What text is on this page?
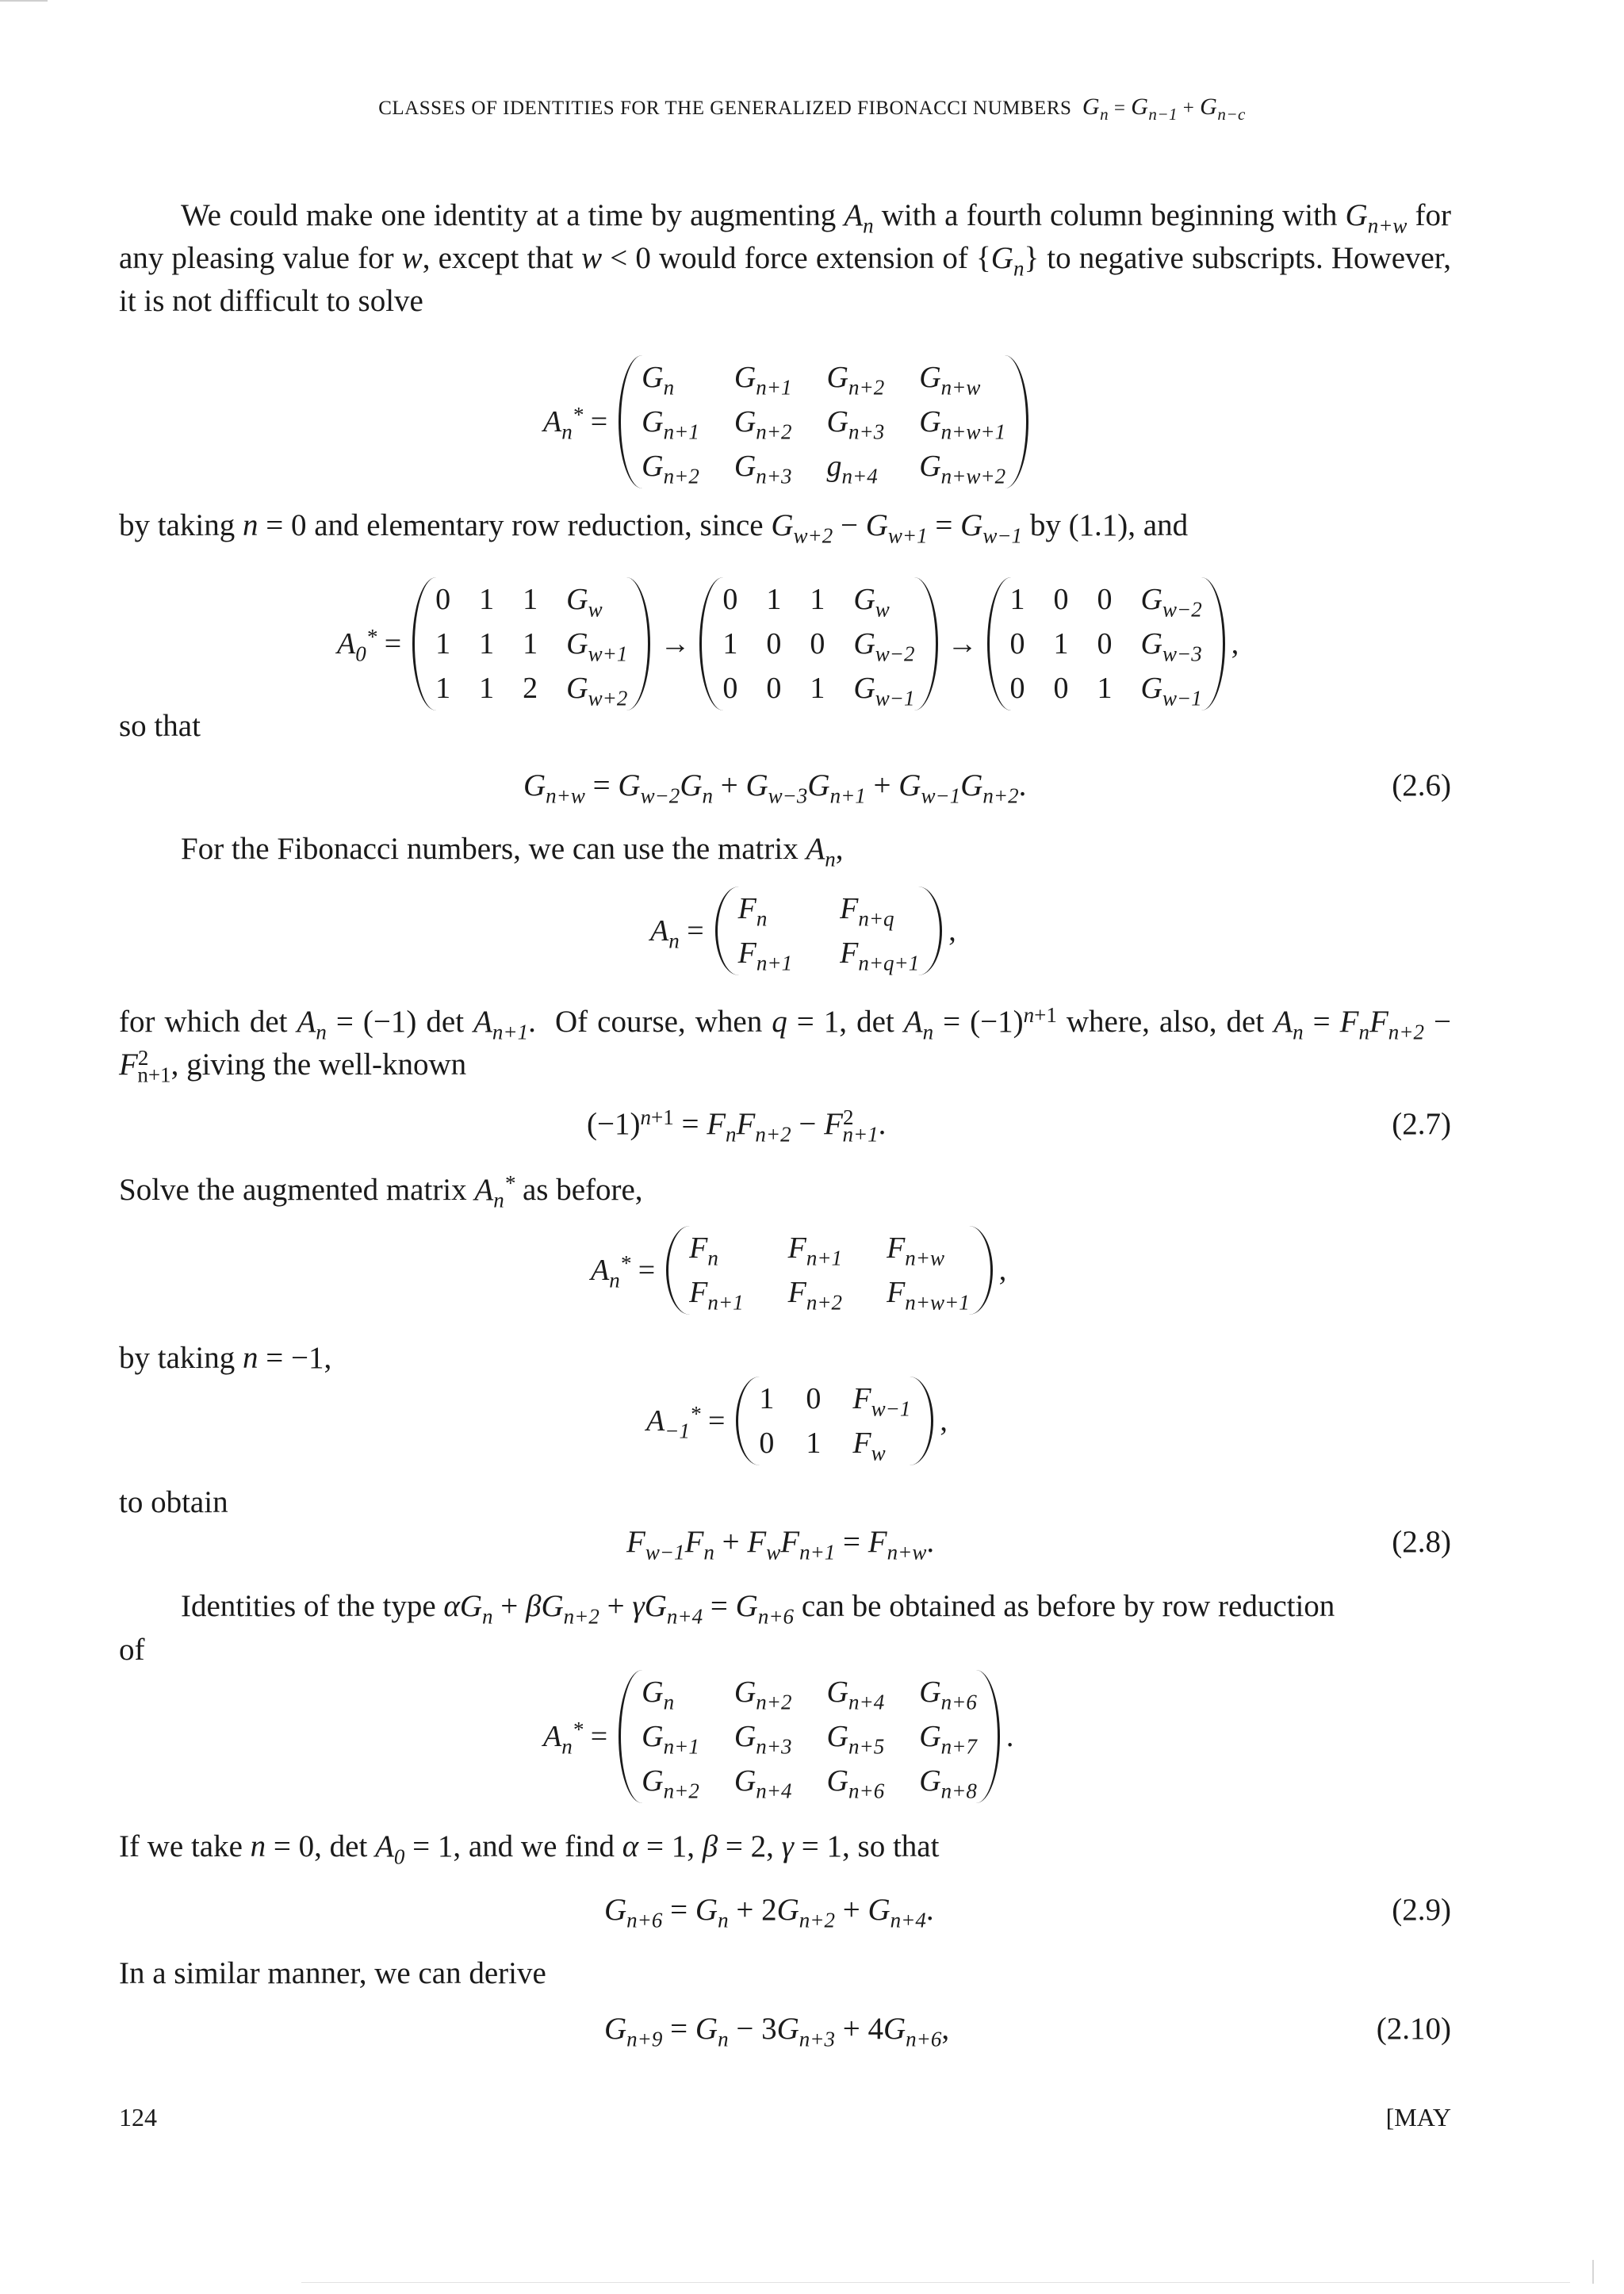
CLASSES OF IDENTITIES FOR THE GENERALIZED FIBONACCI NUMBERS $G_n = G_{n-1} + G_{n-c}$
We could make one identity at a time by augmenting $A_n$ with a fourth column beginning with $G_{n+w}$ for any pleasing value for w, except that w < 0 would force extension of $\{G_n\}$ to negative subscripts. However, it is not difficult to solve
$A_n^*$ =
$G_n$	$G_{n+1}$ $G_{n+2}$ $G_{n+w}$
$G_{n+1}$ $G_{n+2}$ $G_{n+3}$ $G_{n+w+1}$
$G_{n+2}$ $G_{n+3}$ $g_{n+4}$ $G_{n+w+2}$
by taking n = 0 and elementary row reduction, since $G_{w+2} - G_{w+1} = G_{w-1}$ by (1.1), and
$A_0^*$ =
0 1 1 $G_w$
1 1 1 $G_{w+1}$
1 1 2 $G_{w+2}$
→
0 1 1 $G_w$
1 0 0 $G_{w-2}$
0 0 1 $G_{w-1}$
→
1 0 0 $G_{w-2}$
0 1 0 $G_{w-3}$
0 0 1 $G_{w-1}$
,
so that
$G_{n+w} = G_{w-2}G_n + G_{w-3}G_{n+1} + G_{w-1}G_{n+2}$.	(2.6)
For the Fibonacci numbers, we can use the matrix $A_n$,
$A_n$ =
$F_n$	$F_{n+q}$
$F_{n+1}$ $F_{n+q+1}$
,
for which $\det A_n = (-1)$ $\det A_{n+1}$.  Of course, when q = 1, $\det A_n = (-1)^{n+1}$ where, also, $\det A_n = F_nF_{n+2} - F^2_{n+1}$, giving the well-known
$(-1)^{n+1} = F_nF_{n+2} - F^2_{n+1}$.	(2.7)
Solve the augmented matrix $A_n^*$ as before,
$A_n^*$ =
$F_n$	$F_{n+1}$ $F_{n+w}$
$F_{n+1}$ $F_{n+2}$ $F_{n+w+1}$
,
by taking n = −1,
$A_{-1}^*$ =
1 0 $F_{w-1}$
0 1 $F_w$
,
to obtain
$F_{w-1}F_n + F_wF_{n+1} = F_{n+w}$.	(2.8)
Identities of the type $\alpha G_n + \beta G_{n+2} + \gamma G_{n+4} = G_{n+6}$ can be obtained as before by row reduction
of
$A_n^*$ =
$G_n$	$G_{n+2}$ $G_{n+4}$ $G_{n+6}$
$G_{n+1}$ $G_{n+3}$ $G_{n+5}$ $G_{n+7}$
$G_{n+2}$ $G_{n+4}$ $G_{n+6}$ $G_{n+8}$
.
If we take n = 0, $\det A_0 = 1$, and we find α = 1, β = 2, γ = 1, so that
$G_{n+6} = G_n + 2G_{n+2} + G_{n+4}$.	(2.9)
In a similar manner, we can derive
$G_{n+9} = G_n - 3G_{n+3} + 4G_{n+6}$,	(2.10)
124	[MAY
